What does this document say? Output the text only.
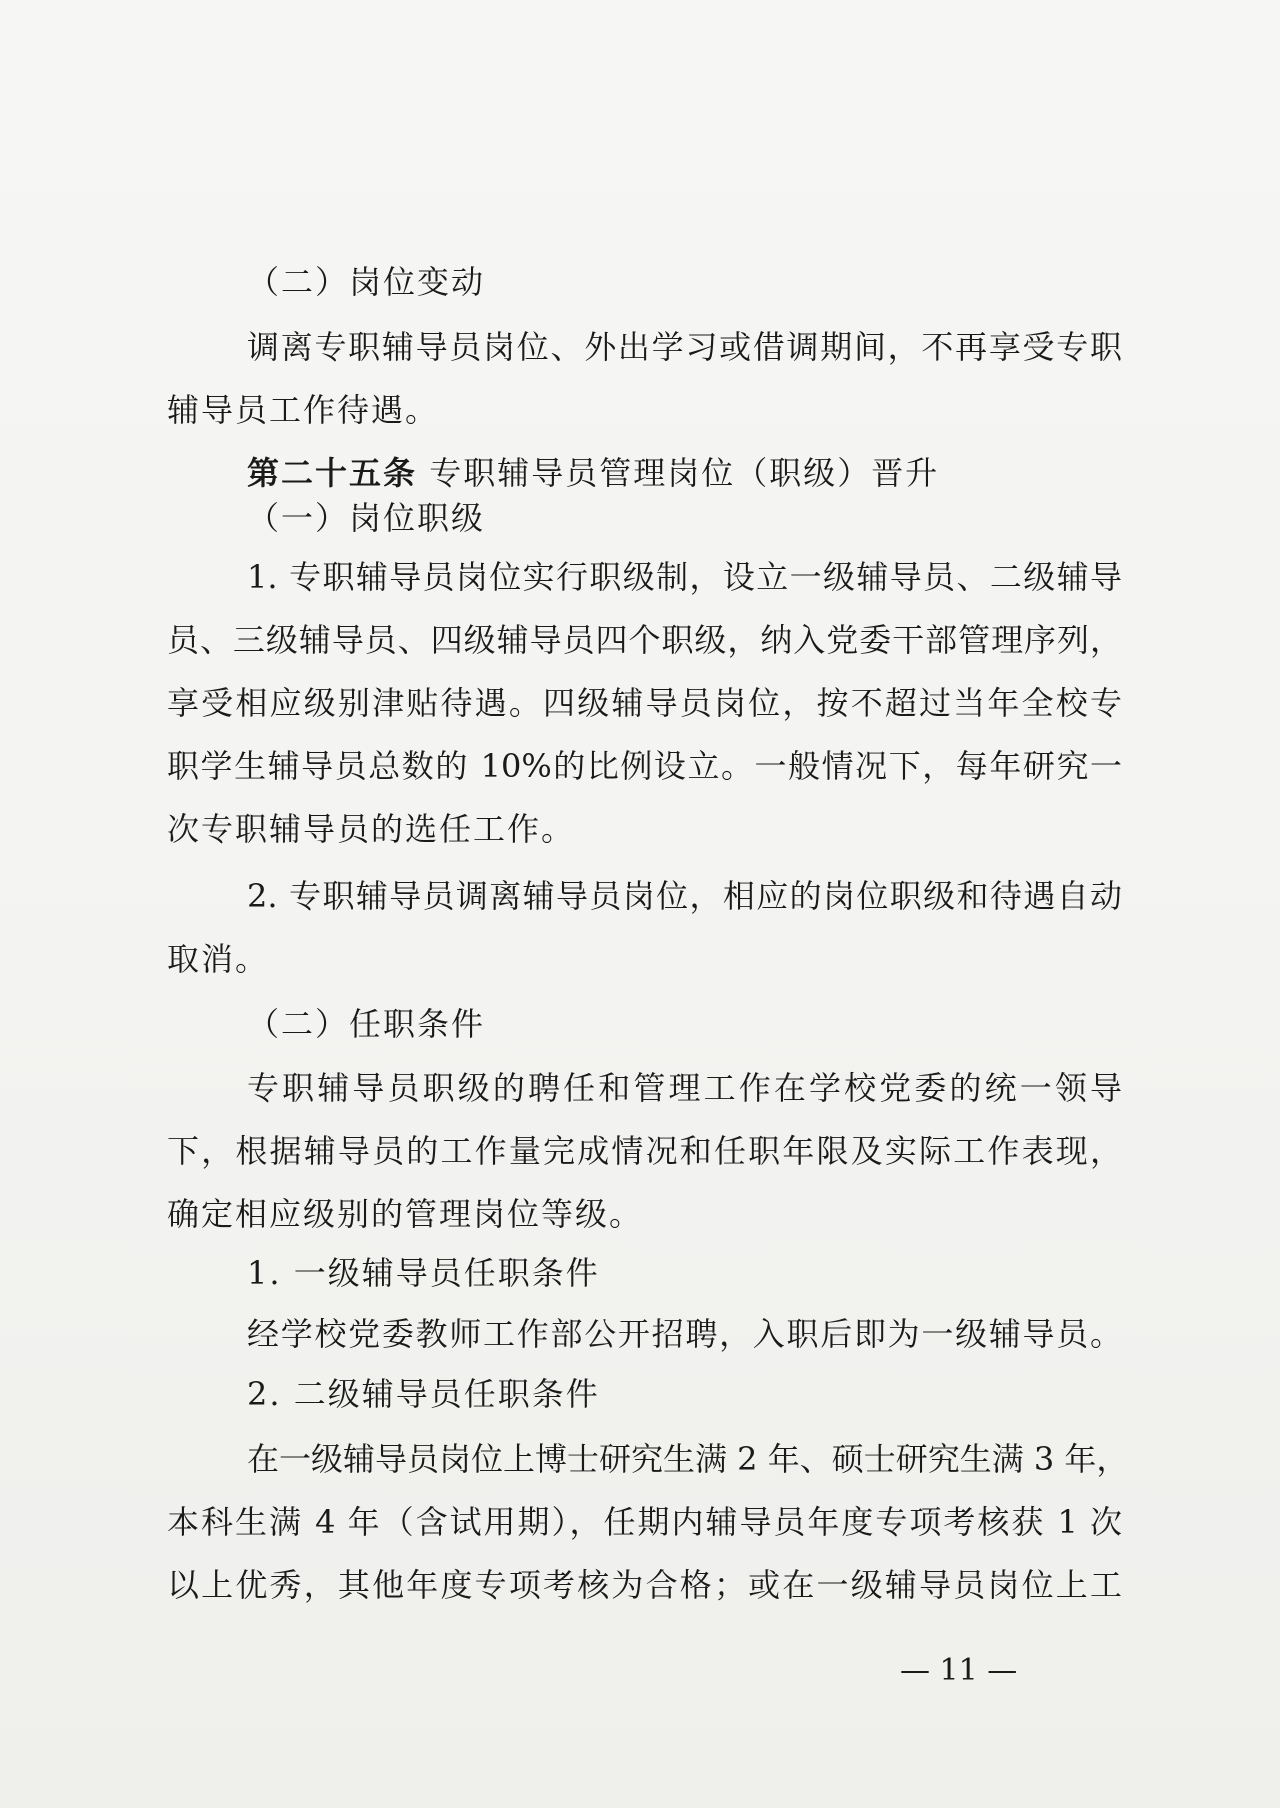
（二）岗位变动
调离专职辅导员岗位、外出学习或借调期间，不再享受专职
辅导员工作待遇。
第二十五条 专职辅导员管理岗位（职级）晋升
（一）岗位职级
1. 专职辅导员岗位实行职级制，设立一级辅导员、二级辅导
员、三级辅导员、四级辅导员四个职级，纳入党委干部管理序列，
享受相应级别津贴待遇。四级辅导员岗位，按不超过当年全校专
职学生辅导员总数的 10%的比例设立。一般情况下，每年研究一
次专职辅导员的选任工作。
2. 专职辅导员调离辅导员岗位，相应的岗位职级和待遇自动
取消。
（二）任职条件
专职辅导员职级的聘任和管理工作在学校党委的统一领导
下，根据辅导员的工作量完成情况和任职年限及实际工作表现，
确定相应级别的管理岗位等级。
1. 一级辅导员任职条件
经学校党委教师工作部公开招聘，入职后即为一级辅导员。
2. 二级辅导员任职条件
在一级辅导员岗位上博士研究生满 2 年、硕士研究生满 3 年，
本科生满 4 年（含试用期），任期内辅导员年度专项考核获 1 次
以上优秀，其他年度专项考核为合格；或在一级辅导员岗位上工
— 11 —
